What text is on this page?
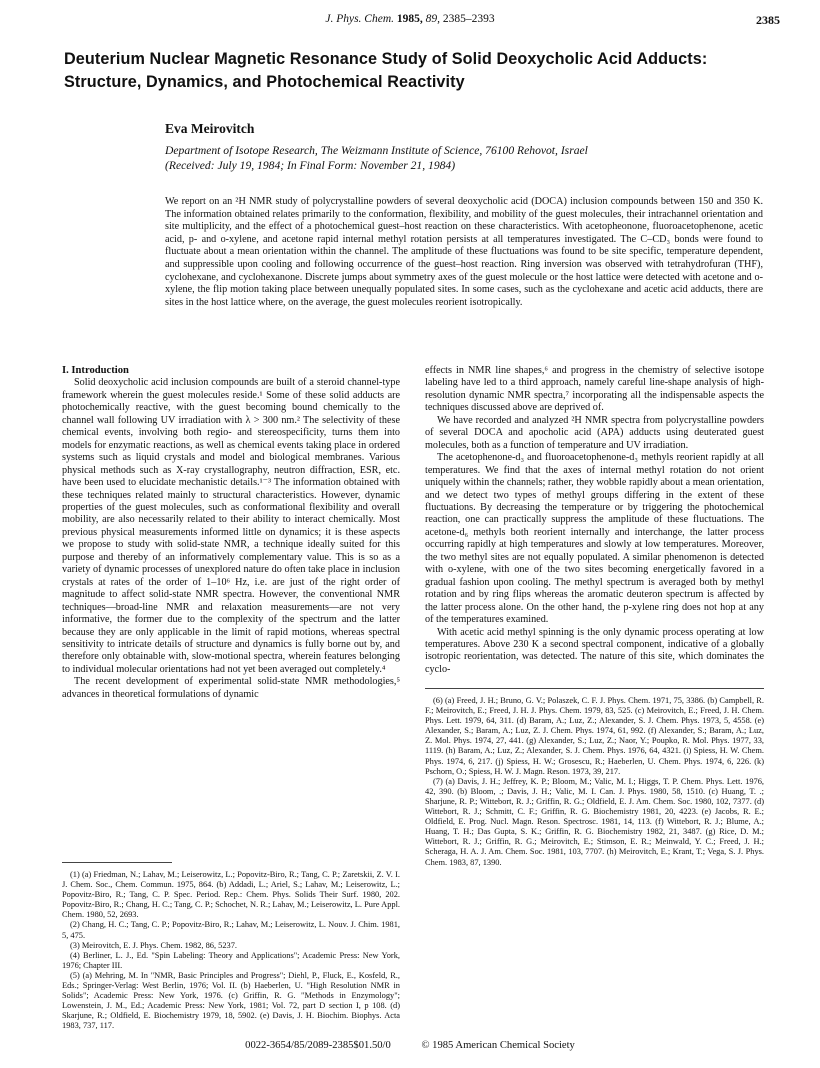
J. Phys. Chem. 1985, 89, 2385–2393	2385
Deuterium Nuclear Magnetic Resonance Study of Solid Deoxycholic Acid Adducts: Structure, Dynamics, and Photochemical Reactivity
Eva Meirovitch
Department of Isotope Research, The Weizmann Institute of Science, 76100 Rehovot, Israel
(Received: July 19, 1984; In Final Form: November 21, 1984)

We report on an ²H NMR study of polycrystalline powders of several deoxycholic acid (DOCA) inclusion compounds between 150 and 350 K. The information obtained relates primarily to the conformation, flexibility, and mobility of the guest molecules, their intrachannel orientation and site multiplicity, and the effect of a photochemical guest–host reaction on these characteristics. With acetopheonone, fluoroacetophenone, acetic acid, p- and o-xylene, and acetone rapid internal methyl rotation persists at all temperatures investigated. The C–CD₃ bonds were found to fluctuate about a mean orientation within the channel. The amplitude of these fluctuations was found to be site specific, temperature dependent, and suppressible upon cooling and following occurrence of the guest–host reaction. Ring inversion was observed with tetrahydrofuran (THF), cyclohexane, and cyclohexanone. Discrete jumps about symmetry axes of the guest molecule or the host lattice were detected with acetone and o-xylene, the flip motion taking place between unequally populated sites. In some cases, such as the cyclohexane and acetic acid adducts, there are sites in the host lattice where, on the average, the guest molecules reorient isotropically.

I. Introduction

Solid deoxycholic acid inclusion compounds are built of a steroid channel-type framework wherein the guest molecules reside.¹ Some of these solid adducts are photochemically reactive, with the guest becoming bound chemically to the channel wall following UV irradiation with λ > 300 nm.² The selectivity of these chemical events, involving both regio- and stereospecificity, turns them into models for enzymatic reactions, as well as chemical events taking place in ordered systems such as liquid crystals and model and biological membranes. Various physical methods such as X-ray crystallography, neutron diffraction, ESR, etc. have been used to elucidate mechanistic details.¹⁻³ The information obtained with these techniques related mainly to structural characteristics. However, dynamic properties of the guest molecules, such as conformational flexibility and overall mobility, are also necessarily related to their ability to interact chemically. Most previous physical measurements informed little on dynamics; it is these aspects we propose to study with solid-state NMR, a technique ideally suited for this purpose and thereby of an informatively complementary value. This is so as a variety of dynamic processes of unexplored nature do often take place in inclusion crystals at rates of the order of 1–10⁶ Hz, i.e. are just of the right order of magnitude to affect solid-state NMR spectra. However, the conventional NMR techniques—broad-line NMR and relaxation measurements—are not very informative, the former due to the complexity of the spectrum and the latter because they are only applicable in the limit of rapid motions, whereas spectral sensitivity to intricate details of structure and dynamics is fully borne out by, and therefore only obtainable with, slow-motional spectra, wherein features belonging to individual molecular orientations had not yet been averaged out completely.⁴

The recent development of experimental solid-state NMR methodologies,⁵ advances in theoretical formulations of dynamic

(1) (a) Friedman, N.; Lahav, M.; Leiserowitz, L.; Popovitz-Biro, R.; Tang, C. P.; Zaretskii, Z. V. I. J. Chem. Soc., Chem. Commun. 1975, 864. (b) Addadi, L.; Ariel, S.; Lahav, M.; Leiserowitz, L.; Popovitz-Biro, R.; Tang, C. P. Spec. Period. Rep.: Chem. Phys. Solids Their Surf. 1980, 202. Popovitz-Biro, R.; Chang, H. C.; Tang, C. P.; Schochet, N. R.; Lahav, M.; Leiserowitz, L. Pure Appl. Chem. 1980, 52, 2693.

(2) Chang, H. C.; Tang, C. P.; Popovitz-Biro, R.; Lahav, M.; Leiserowitz, L. Nouv. J. Chim. 1981, 5, 475.

(3) Meirovitch, E. J. Phys. Chem. 1982, 86, 5237.

(4) Berliner, L. J., Ed. "Spin Labeling: Theory and Applications"; Academic Press: New York, 1976; Chapter III.

(5) (a) Mehring, M. In "NMR, Basic Principles and Progress"; Diehl, P., Fluck, E., Kosfeld, R., Eds.; Springer-Verlag: West Berlin, 1976; Vol. II. (b) Haeberlen, U. "High Resolution NMR in Solids"; Academic Press: New York, 1976. (c) Griffin, R. G. "Methods in Enzymology"; Lowenstein, J. M., Ed.; Academic Press: New York, 1981; Vol. 72, part D section I, p 108. (d) Skarjune, R.; Oldfield, E. Biochemistry 1979, 18, 5902. (e) Davis, J. H. Biochim. Biophys. Acta 1983, 737, 117.

effects in NMR line shapes,⁶ and progress in the chemistry of selective isotope labeling have led to a third approach, namely careful line-shape analysis of high-resolution dynamic NMR spectra,⁷ incorporating all the indispensable aspects the techniques discussed above are deprived of.

We have recorded and analyzed ²H NMR spectra from polycrystalline powders of several DOCA and apocholic acid (APA) adducts using deuterated guest molecules, both as a function of temperature and UV irradiation.

The acetophenone-d₃ and fluoroacetophenone-d₃ methyls reorient rapidly at all temperatures. We find that the axes of internal methyl rotation do not orient uniquely within the channels; rather, they wobble rapidly about a mean orientation, and we detect two types of methyl groups differing in the extent of these fluctuations. By decreasing the temperature or by triggering the photochemical reaction, one can practically suppress the amplitude of these fluctuations. The acetone-d₆ methyls both reorient internally and interchange, the latter process occurring rapidly at high temperatures and slowly at low temperatures. Moreover, the two methyl sites are not equally populated. A similar phenomenon is detected with o-xylene, with one of the two sites becoming energetically favored in a gradual fashion upon cooling. The methyl spectrum is averaged both by methyl rotation and by ring flips whereas the aromatic deuteron spectrum is affected by the latter process alone. On the other hand, the p-xylene ring does not hop at any of the temperatures examined.

With acetic acid methyl spinning is the only dynamic process operating at low temperatures. Above 230 K a second spectral component, indicative of a globally isotropic reorientation, was detected. The nature of this site, which dominates the cyclo-

(6) (a) Freed, J. H.; Bruno, G. V.; Polaszek, C. F. J. Phys. Chem. 1971, 75, 3386. (b) Campbell, R. F.; Meirovitch, E.; Freed, J. H. J. Phys. Chem. 1979, 83, 525. (c) Meirovitch, E.; Freed, J. H. Chem. Phys. Lett. 1979, 64, 311. (d) Baram, A.; Luz, Z.; Alexander, S. J. Chem. Phys. 1973, 5, 4558. (e) Alexander, S.; Baram, A.; Luz, Z. J. Chem. Phys. 1974, 61, 992. (f) Alexander, S.; Baram, A.; Luz, Z. Mol. Phys. 1974, 27, 441. (g) Alexander, S.; Luz, Z.; Naor, Y.; Poupko, R. Mol. Phys. 1977, 33, 1119. (h) Baram, A.; Luz, Z.; Alexander, S. J. Chem. Phys. 1976, 64, 4321. (i) Spiess, H. W. Chem. Phys. 1974, 6, 217. (j) Spiess, H. W.; Grosescu, R.; Haeberlen, U. Chem. Phys. 1974, 6, 226. (k) Pschorn, O.; Spiess, H. W. J. Magn. Reson. 1973, 39, 217.

(7) (a) Davis, J. H.; Jeffrey, K. P.; Bloom, M.; Valic, M. I.; Higgs, T. P. Chem. Phys. Lett. 1976, 42, 390. (b) Bloom, .; Davis, J. H.; Valic, M. I. Can. J. Phys. 1980, 58, 1510. (c) Huang, T. .; Sharjune, R. P.; Wittebort, R. J.; Griffin, R. G.; Oldfield, E. J. Am. Chem. Soc. 1980, 102, 7377. (d) Wittebort, R. J.; Schmitt, C. F.; Griffin, R. G. Biochemistry 1981, 20, 4223. (e) Jacobs, R. E.; Oldfield, E. Prog. Nucl. Magn. Reson. Spectrosc. 1981, 14, 113. (f) Wittebort, R. J.; Blume, A.; Huang, T. H.; Das Gupta, S. K.; Griffin, R. G. Biochemistry 1982, 21, 3487. (g) Rice, D. M.; Wittebort, R. J.; Griffin, R. G.; Meirovitch, E.; Stimson, E. R.; Meinwald, Y. C.; Freed, J. H.; Scheraga, H. A. J. Am. Chem. Soc. 1981, 103, 7707. (h) Meirovitch, E.; Krant, T.; Vega, S. J. Phys. Chem. 1983, 87, 1390.

0022-3654/85/2089-2385$01.50/0	© 1985 American Chemical Society
